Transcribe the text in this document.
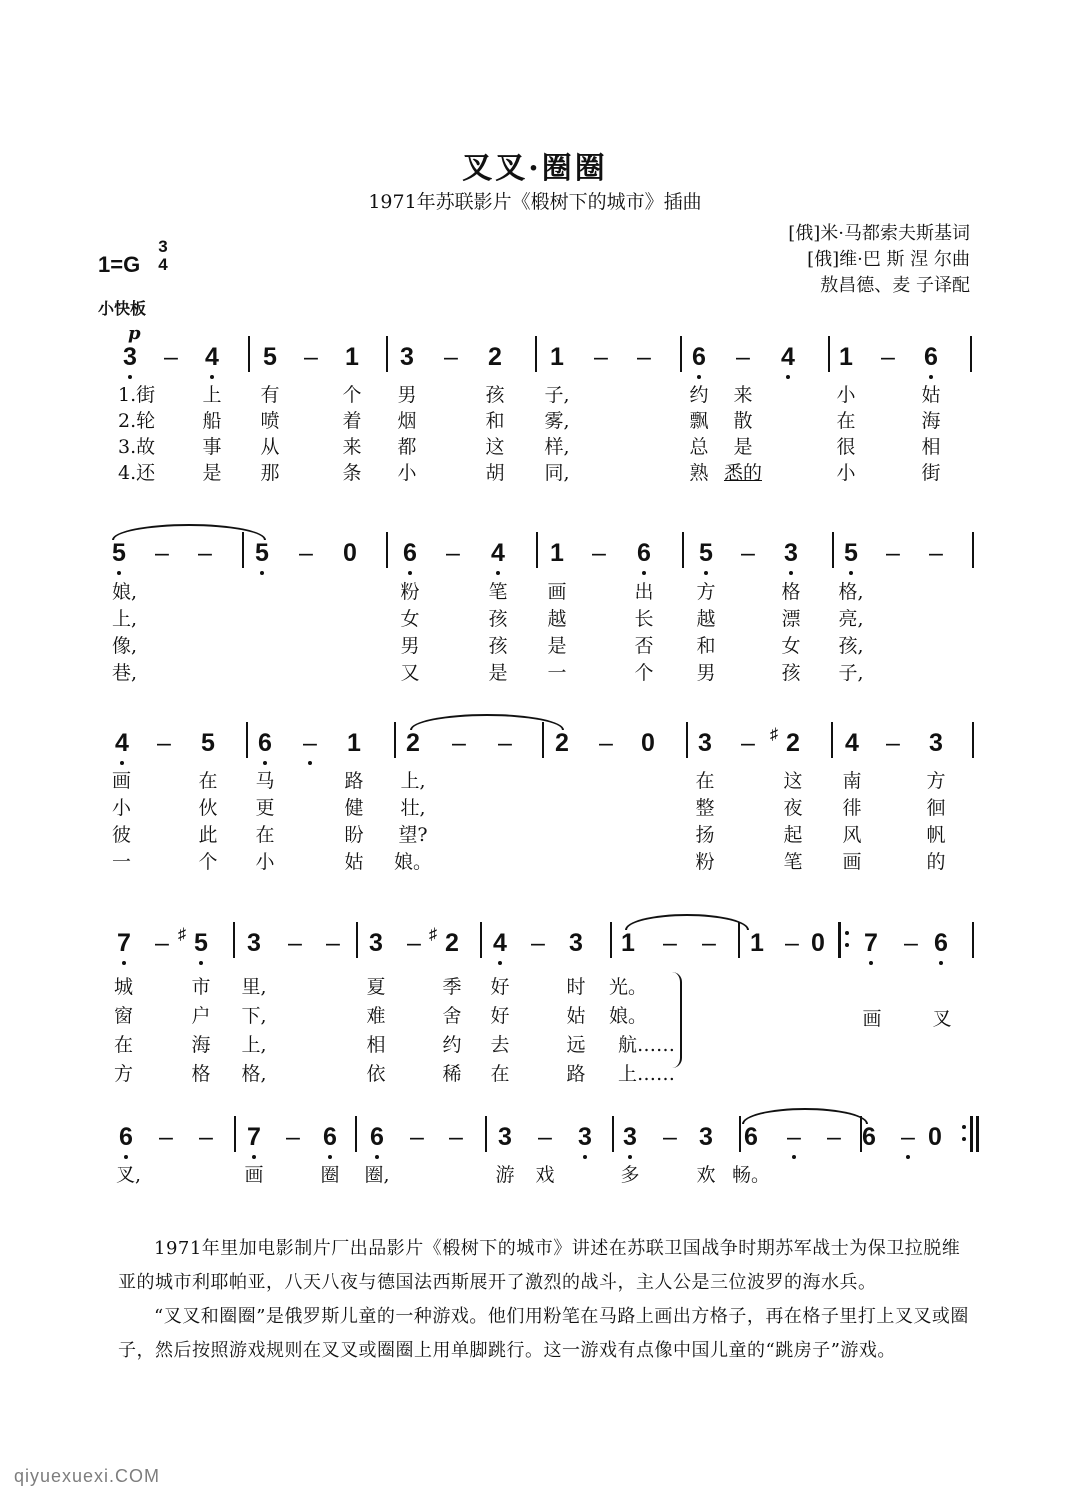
叉叉·圈圈
1971年苏联影片《椴树下的城市》插曲
[俄]米·马都索夫斯基词
[俄]维·巴 斯 涅 尔曲
敖昌德、麦 子译配
1=G
3
4
小快板
p
3 – 4 5 – 1 3 – 2 1 – – 6 – 4 1 – 6
1.街	上	有	个	男	孩	子,	约	来	小	姑
2.轮	船	喷	着	烟	和	雾,	飘	散	在	海
3.故	事	从	来	都	这	样,	总	是	很	相
4.还	是	那	条	小	胡	同,	熟 悉的	小	街
5 – – 5 – 0 6 – 4 1 – 6 5 – 3 5 – –
娘,	粉	笔	画	出	方	格	格,
上,	女	孩	越	长	越	漂	亮,
像,	男	孩	是	否	和	女	孩,
巷,	又	是	一	个	男	孩	子,
4 – 5 6 – 1 2 – – 2 – 0 3 – ♯ 2 4 – 3
画	在	马	路	上,	在	这	南	方
小	伙	更	健	壮,	整	夜	徘	徊
彼	此	在	盼	望?	扬	起	风	帆
一	个	小	姑	娘。	粉	笔	画	的
7 – ♯ 5 3 – – 3 – ♯ 2 4 – 3 1 – – 1 – 0 7 – 6
城	市	里,	夏	季	好	时	光。
窗	户	下,	难	舍	好	姑	娘。
在	海	上,	相	约	去	远	航……
方	格	格,	依	稀	在	路	上……
画	叉
6 – – 7 – 6 6 – – 3 – 3 3 – 3 6 – – 6 – 0
叉,	画	圈	圈,	游	戏	多	欢 畅。

1971年里加电影制片厂出品影片《椴树下的城市》讲述在苏联卫国战争时期苏军战士为保卫拉脱维亚的城市利耶帕亚，八天八夜与德国法西斯展开了激烈的战斗，主人公是三位波罗的海水兵。

“叉叉和圈圈”是俄罗斯儿童的一种游戏。他们用粉笔在马路上画出方格子，再在格子里打上叉叉或圈子，然后按照游戏规则在叉叉或圈圈上用单脚跳行。这一游戏有点像中国儿童的“跳房子”游戏。

qiyuexuexi.COM
